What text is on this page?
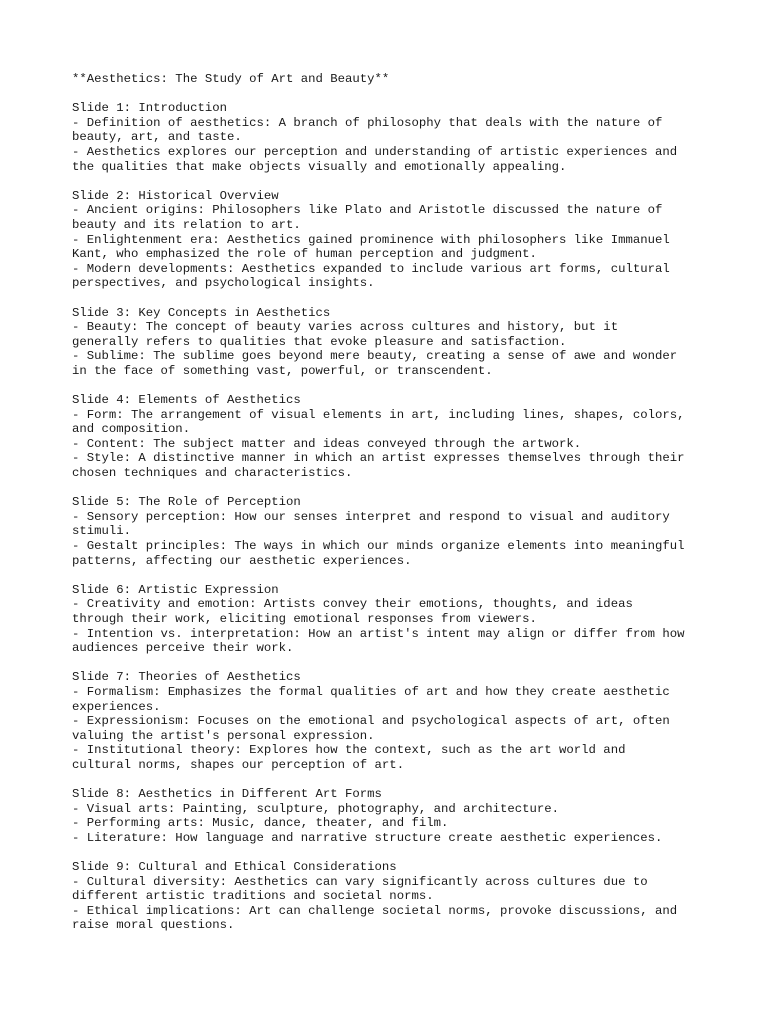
**Aesthetics: The Study of Art and Beauty**
Slide 1: Introduction
- Definition of aesthetics: A branch of philosophy that deals with the nature of
beauty, art, and taste.
- Aesthetics explores our perception and understanding of artistic experiences and
the qualities that make objects visually and emotionally appealing.
Slide 2: Historical Overview
- Ancient origins: Philosophers like Plato and Aristotle discussed the nature of
beauty and its relation to art.
- Enlightenment era: Aesthetics gained prominence with philosophers like Immanuel
Kant, who emphasized the role of human perception and judgment.
- Modern developments: Aesthetics expanded to include various art forms, cultural
perspectives, and psychological insights.
Slide 3: Key Concepts in Aesthetics
- Beauty: The concept of beauty varies across cultures and history, but it
generally refers to qualities that evoke pleasure and satisfaction.
- Sublime: The sublime goes beyond mere beauty, creating a sense of awe and wonder
in the face of something vast, powerful, or transcendent.
Slide 4: Elements of Aesthetics
- Form: The arrangement of visual elements in art, including lines, shapes, colors,
and composition.
- Content: The subject matter and ideas conveyed through the artwork.
- Style: A distinctive manner in which an artist expresses themselves through their
chosen techniques and characteristics.
Slide 5: The Role of Perception
- Sensory perception: How our senses interpret and respond to visual and auditory
stimuli.
- Gestalt principles: The ways in which our minds organize elements into meaningful
patterns, affecting our aesthetic experiences.
Slide 6: Artistic Expression
- Creativity and emotion: Artists convey their emotions, thoughts, and ideas
through their work, eliciting emotional responses from viewers.
- Intention vs. interpretation: How an artist's intent may align or differ from how
audiences perceive their work.
Slide 7: Theories of Aesthetics
- Formalism: Emphasizes the formal qualities of art and how they create aesthetic
experiences.
- Expressionism: Focuses on the emotional and psychological aspects of art, often
valuing the artist's personal expression.
- Institutional theory: Explores how the context, such as the art world and
cultural norms, shapes our perception of art.
Slide 8: Aesthetics in Different Art Forms
- Visual arts: Painting, sculpture, photography, and architecture.
- Performing arts: Music, dance, theater, and film.
- Literature: How language and narrative structure create aesthetic experiences.
Slide 9: Cultural and Ethical Considerations
- Cultural diversity: Aesthetics can vary significantly across cultures due to
different artistic traditions and societal norms.
- Ethical implications: Art can challenge societal norms, provoke discussions, and
raise moral questions.
